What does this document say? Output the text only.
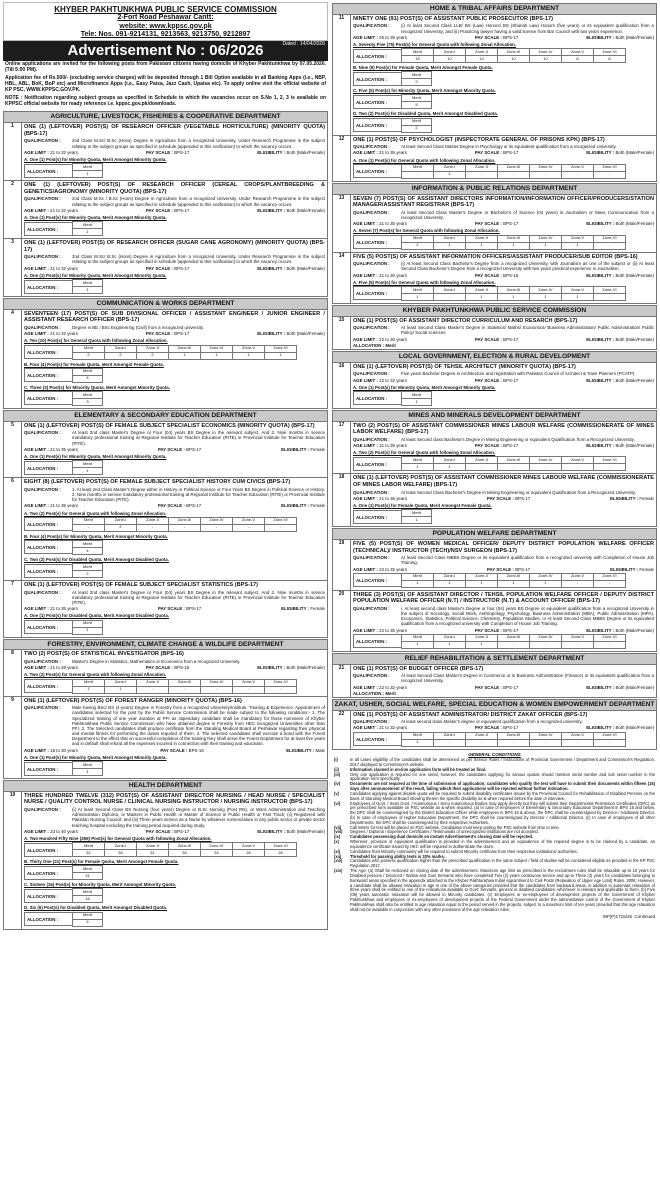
KHYBER PAKHTUNKHWA PUBLIC SERVICE COMMISSION
2-Fort Road Peshawar Cantt:
website: www.kppsc.gov.pk
Tele: Nos. 091-9214131, 9213563, 9213750, 9212897
Advertisement No : 06/2026	Dated : 14/04/2026

Online applications are invited for the following posts from Pakistani citizens having domicile of Khyber Pakhtunkhwa by 07.05.2026. (Till 5:00 PM).

Application fee of Rs.500/- (excluding service charges) will be deposited through 1 Bill Option available in all Banking Apps (i.e., NBP, HBL, ABL, BoK, BoP etc) and Microfinance Apps (i.e., Easy Paisa, Jazz Cash, Upaisa etc). To apply online visit the official website of KP PSC, WWW.KPPSC.GOV.PK.

NOTE : Notification regarding subject groups as specified in Schedule to which the vacancies occur on S.No 1, 2, 3 is available on KPPSC official website for ready reference i.e. kppsc.gov.pk/downloads.

AGRICULTURE, LIVESTOCK, FISHERIES & COOPERATIVE DEPARTMENT
1	ONE (1) (LEFTOVER) POST(S) OF RESEARCH OFFICER (VEGETABLE HORTICULTURE) (MINORITY QUOTA) (BPS-17)
QUALIFICATION :	2nd Class M.Sc/ B.Sc (Hons) Degree in Agriculture from a recognized University, Under Research Programme in the subject relating to the subject groups as specified in schedule (appended to this notification) to which the vacancy occurs.
AGE LIMIT : 21 to 32 years	PAY SCALE : BPS-17	ELIGIBILITY : Both (Male/Female)
A. One (1) Post(s) for Minority Quota, Merit Amongst Minority Quota.
ALLOCATION :
Merit
1
2	ONE (1) (LEFTOVER) POST(S) OF RESEARCH OFFICER (CEREAL CROPS/PLANTBREEDING & GENETICS/AGRONOMY (MINORITY QUOTA) (BPS-17)
QUALIFICATION :	2nd Class M.Sc / B.Sc (Hons) Degree in Agriculture from a recognized University, Under Research Programme in the subject relating to the subject groups as specified in schedule (appended to this notification) to which the vacancy occurs.
AGE LIMIT : 21 to 32 years	PAY SCALE : BPS-17	ELIGIBILITY : Both (Male/Female)
A. One (1) Post(s) for Minority Quota, Merit Amongst Minority Quota.
ALLOCATION :
Merit
1
3	ONE (1) (LEFTOVER) POST(S) OF RESEARCH OFFICER (SUGAR CANE AGRONOMY) (MINORITY QUOTA) (BPS-17)
QUALIFICATION :	2nd Class M.Sc/ B.Sc (Hons) Degree in Agriculture from a recognized University, Under Research Programme in the subject relating to the subject groups as specified in schedule (appended to this notification) to which the vacancy occurs.
AGE LIMIT : 21 to 32 years	PAY SCALE : BPS-17	ELIGIBILITY : Both (Male/Female)
A. One (1) Post(s) for Minority Quota, Merit Amongst Minority Quota.
ALLOCATION :
Merit
1
COMMUNICATION & WORKS DEPARTMENT
4	SEVENTEEN (17) POST(S) OF SUB DIVISIONAL OFFICER / ASSISTANT ENGINEER / JUNIOR ENGINEER / ASSISTANT RESEARCH OFFICER (BPS-17)
QUALIFICATION :	Degree in BE / BSc Engineering (Civil) from a recognized university.
AGE LIMIT : 21 to 32 years	PAY SCALE : BPS-17	ELIGIBILITY : Both (Male/Female)
A. Ten (10) Post(s) for General Quota with following Zonal Allocation.
ALLOCATION :
Merit	Zone-I	Zone-II	Zone-III	Zone-IV	Zone-V	Zone-VI
2	2	2	1	1	1	1
B. Four (4) Post(s) for Female Quota, Merit Amongst Female Quota.
ALLOCATION :
Merit
4
C. Three (3) Post(s) for Minority Quota, Merit Amongst Minority Quota.
ALLOCATION :
Merit
3
ELEMENTARY & SECONDARY EDUCATION DEPARTMENT
5	ONE (1) (LEFTOVER) POST(S) OF FEMALE SUBJECT SPECIALIST ECONOMICS (MINORITY QUOTA) (BPS-17)
QUALIFICATION :	At least 2nd class Master's Degree or Four (04) years BS Degree in the relevant subject. And 2. Nine months in service mandatory professional training at Regional Institute for Teacher Education (RITE) or Provincial Institute for Teacher Education (PITE).
AGE LIMIT : 21 to 35 years	PAY SCALE : BPS-17	ELIGIBILITY : Female
A. One (1) Post(s) for Minority Quota, Merit Amongst Minority Quota.
ALLOCATION :
Merit
1
6	EIGHT (8) (LEFTOVER) POST(S) OF FEMALE SUBJECT SPECIALIST HISTORY CUM CIVICS (BPS-17)
QUALIFICATION :	1. At least 2nd Class Master's Degree either in History or Political Science or Four Years BS Degree in Political Science or History. 2. Nine months in service mandatory professional training at Regional Institute for Teacher Education (RITE) or Provincial Institute for Teacher Education (PITE).
AGE LIMIT : 21 to 35 years	PAY SCALE : BPS-17	ELIGIBILITY : Female
A. Two (2) Post(s) for General Quota with following Zonal Allocation.
ALLOCATION :
Merit	Zone-I	Zone-II	Zone-III	Zone-IV	Zone-V	Zone-VI
-	2	-	-	-	-	-
B. Four (4) Post(s) for Minority Quota, Merit Amongst Minority Quota.
ALLOCATION :
Merit
4
C. Two (2) Post(s) for Disabled Quota, Merit Amongst Disabled Quota.
ALLOCATION :
Merit
2
7	ONE (1) (LEFTOVER) POST(S) OF FEMALE SUBJECT SPECIALIST STATISTICS (BPS-17)
QUALIFICATION :	At least 2nd class Master's Degree or Four (04) years BS Degree in the relevant subject. And 2. Nine months in service mandatory professional training at Regional Institute for Teacher Education (RITE) or Provincial Institute for Teacher Education (PITE).
AGE LIMIT : 21 to 35 years	PAY SCALE : BPS-17	ELIGIBILITY : Female
A. One (1) Post(s) for Disabled Quota, Merit Amongst Disabled Quota.
ALLOCATION :
Merit
1
FORESTRY, ENVIRONMENT, CLIMATE CHANGE & WILDLIFE DEPARTMENT
8	TWO (2) POST(S) OF STATISTICAL INVESTIGATOR (BPS-16)
QUALIFICATION :	Master's Degree in Statistics, Mathematics or Economics from a recognized University.
AGE LIMIT : 21 to 28 years	PAY SCALE : BPS-16	ELIGIBILITY : Both (Male/Female)
A. Two (2) Post(s) for General Quota with following Zonal Allocation.
ALLOCATION :
Merit	Zone-I	Zone-II	Zone-III	Zone-IV	Zone-V	Zone-VI
1	1	-	-	-	-	-
9	ONE (1) (LEFTOVER) POST(S) OF FOREST RANGER (MINORITY QUOTA) (BPS-16)
QUALIFICATION :	Male having BSc/ BS (4-years) Degree in Forestry from a recognized University/Institute. Training & Experience: Appointment of candidates selected for the post by the Public Service Commission shall be made subject to the following conditions:- 1. The Specialized training of one year duration at PFI as stipendiary candidate shall be mandatory for those nominees of Khyber Pakhtunkhwa Public Service Commission who have obtained degree in Forestry from HEC recognized Universities other than PFI. 2. The Selected candidates shall produce certificate from the Standing Medical Board at Peshawar regarding their physical and mental fitness for performing the duties required of them. 3. The selected candidates shall execute a bond with the Forest Department to the effect that on successful completion of the training they shall serve the Forest Department for at least five years and in default shall refund all the expenses incurred in connection with their training and education.
AGE LIMIT : 18 to 30 years	PAY SCALE : BPS-16	ELIGIBILITY : Male
A. One (1) Post(s) for Minority Quota, Merit Amongst Minority Quota.
ALLOCATION :
Merit
1
HEALTH DEPARTMENT
10	THREE HUNDRED TWELVE (312) POST(S) OF ASSISTANT DIRECTOR NURSING / HEAD NURSE / SPECIALIST NURSE / QUALITY CONTROL NURSE / CLINICAL NURSING INSTRUCTOR / NURSING INSTRUCTOR (BPS-17)
QUALIFICATION :	(i) At least Second Class BS Nursing (four years) Degree or B.Sc Nursing (Post RN), or Ward Administration and Teaching Administration Diploma, or Masters in Public Health or Master of Science in Public Health or Fast Track; (ii) Registered with Pakistan Nursing Council; and (iii) Three years service as a Nurse by whatever nomenclature in any public sector or private sector teaching hospital excluding the training period acquired during study.
AGE LIMIT : 23 to 40 years	PAY SCALE : BPS-17	ELIGIBILITY : Both (Male/Female)
A. Two Hundred Fifty Nine (259) Post(s) for General Quota with following Zonal Allocation.
ALLOCATION :
Merit	Zone-I	Zone-II	Zone-III	Zone-IV	Zone-V	Zone-VI
52	35	51	35	34	26	26
B. Thirty One (31) Post(s) for Female Quota, Merit Amongst Female Quota.
ALLOCATION :
Merit
31
C. Sixteen (16) Post(s) for Minority Quota, Merit Amongst Minority Quota.
ALLOCATION :
Merit
16
D. Six (6) Post(s) for Disabled Quota, Merit Amongst Disabled Quota.
ALLOCATION :
Merit
6
HOME & TRIBAL AFFAIRS DEPARTMENT
11	NINETY ONE (91) POST(S) OF ASSISTANT PUBLIC PROSECUTOR (BPS-17)
QUALIFICATION :	(i) At least Second Class LLB/ BS (Law) Honors/ BS (Shariah Law) Honors (five years) or its equivalent qualification from a recognized University; and (ii) Practicing lawyer having a valid license from Bar Council with two years experience.
AGE LIMIT : 25 to 35 years	PAY SCALE : BPS-17	ELIGIBILITY : Both (Male/Female)
A. Seventy Five (75) Post(s) for General Quota with following Zonal Allocation.
ALLOCATION :
Merit	Zone-I	Zone-II	Zone-III	Zone-IV	Zone-V	Zone-VI
15	10	14	10	10	8	8
B. Nine (9) Post(s) for Female Quota, Merit Amongst Female Quota.
ALLOCATION :
Merit
9
C. Five (5) Post(s) for Minority Quota, Merit Amongst Minority Quota.
ALLOCATION :
Merit
5
D. Two (2) Post(s) for Disabled Quota, Merit Amongst Disabled Quota.
ALLOCATION :
Merit
2
12	ONE (1) POST(S) OF PSYCHOLOGIST (INSPECTORATE GENERAL OF PRISONS KPK) (BPS-17)
QUALIFICATION :	At least Second Class Master Degree in Psychology or its equivalent qualification from a recognized University.
AGE LIMIT : 21 to 35 years	PAY SCALE : BPS-17	ELIGIBILITY : Both (Male/Female)
A. One (1) Post(s) for General Quota with following Zonal Allocation.
ALLOCATION :
Merit	Zone-I	Zone-II	Zone-III	Zone-IV	Zone-V	Zone-VI
-	1	-	-	-	-	-
INFORMATION & PUBLIC RELATIONS DEPARTMENT
13	SEVEN (7) POST(S) OF ASSISTANT DIRECTORS INFORMATION/INFORMATION OFFICER/PRODUCERS/STATION MANAGER/ASSISTANT REGISTRAR (BPS-17)
QUALIFICATION :	At least Second Class Master's Degree or Bachelor's of Science (04 years) in Journalism or Mass Communication from a recognized University.
AGE LIMIT : 21 to 35 years	PAY SCALE : BPS-17	ELIGIBILITY : Both (Male/Female)
A. Seven (7) Post(s) for General Quota with following Zonal Allocation.
ALLOCATION :
Merit	Zone-I	Zone-II	Zone-III	Zone-IV	Zone-V	Zone-VI
2	1	1	1	1	1	-
14	FIVE (5) POST(S) OF ASSISTANT INFORMATION OFFICERS/ASSISTANT PRODUCER/SUB EDITOR (BPS-16)
QUALIFICATION :	(i) At least Second Class Bachelor's Degree from a recognized University, with Journalism as one of the subject or (ii) At least Second Class Bachelor's Degree from a recognized University with two years practical experience in Journalism.
AGE LIMIT : 21 to 30 years	PAY SCALE : BPS-16	ELIGIBILITY : Both (Male/Female)
A. Five (5) Post(s) for General Quota with following Zonal Allocation.
ALLOCATION :
Merit	Zone-I	Zone-II	Zone-III	Zone-IV	Zone-V	Zone-VI
1	-	1	1	1	1	-
KHYBER PAKHTUNKHWA PUBLIC SERVICE COMMISSION
15	ONE (1) POST(S) OF ASSISTANT DIRECTOR CURRICULUM AND RESARCH (BPS-17)
QUALIFICATION :	At least Second Class Master's Degree in Statistics/ Maths/ Economics/ Business Administration/ Public Administration/ Public Policy/ Social sciences
AGE LIMIT : 22 to 30 years	PAY SCALE : BPS-17	ELIGIBILITY : Both (Male/Female)
ALLOCATION : Merit
LOCAL GOVERNMENT, ELECTION & RURAL DEVELOPMENT
16	ONE (1) (LEFTOVER) POST(S) OF TEHSIL ARCHITECT (MINORITY QUOTA) (BPS-17)
QUALIFICATION :	Five years Bachelor Degree in Architecture and registration with Pakistan Council of Architect & Town Planners (PCATP).
AGE LIMIT : 22 to 32 years	PAY SCALE : BPS-17	ELIGIBILITY : Both (Male/Female)
A. One (1) Post(s) for Minority Quota, Merit Amongst Minority Quota.
ALLOCATION :
Merit
1
MINES AND MINERALS DEVELOPMENT DEPARTMENT
17	TWO (2) POST(S) OF ASSISTANT COMMISSIONER MINES LABOUR WELFARE (COMMISSIONERATE OF MINES LABOR WELFARE) (BPS-17)
QUALIFICATION :	At least Second class Bachelor's Degree in Mining Engineering or equivalent Qualification from a Recognized University.
AGE LIMIT : 21 to 35 years	PAY SCALE : BPS-17	ELIGIBILITY : Both (Male/Female)
A. Two (2) Post(s) for General Quota with following Zonal Allocation.
ALLOCATION :
Merit	Zone-I	Zone-II	Zone-III	Zone-IV	Zone-V	Zone-VI
1	1	-	-	-	-	-
18	ONE (1) (LEFTOVER) POST(S) OF ASSISTANT COMMISSIONER MINES LABOUR WELFARE (COMMISSIONERATE OF MINES LABOR WELFARE) (BPS-17)
QUALIFICATION :	At least Second Class Bachelor's Degree in Mining Engineering or equivalent Qualification from a Recognized University.
AGE LIMIT : 21 to 35 years	PAY SCALE : BPS-17	ELIGIBILITY : Female
A. One (1) Post(s) for Female Quota, Merit Amongst Female Quota.
ALLOCATION :
Merit
1
POPULATION WELFARE DEPARTMENT
19	FIVE (5) POST(S) OF WOMEN MEDICAL OFFICER/ DEPUTY DISTRICT POPULATION WELFARE OFFICER (TECHNICAL)/ INSTRUCTOR (TECH)/NSV SURGEON (BPS-17)
QUALIFICATION :	At least Second Class MBBS Degree or its equivalent qualification from a recognized university with Completion of House Job Training.
AGE LIMIT : 22 to 35 years	PAY SCALE : BPS-17	ELIGIBILITY : Female
ALLOCATION :
Merit	Zone-I	Zone-II	Zone-III	Zone-IV	Zone-V	Zone-VI
1	1	1	1	1	-	-
20	THREE (3) POST(S) OF ASSISTANT DIRECTOR / TEHSIL POPULATION WELFARE OFFICER / DEPUTY DISTRICT POPULATION WELFARE OFFICER (N.T) / INSTRUCTOR (N.T) & ACCOUNT OFFICER (BPS-17)
QUALIFICATION :	i. At least second class Master's Degree or four (04) years BS Degree or equivalent qualification from a recognized University in the subject of Sociology, Social Work, Anthropology, Psychology, Business Administration (MBA), Public Administration (MPA), Economics, Statistics, Political Science, Chemistry, Population Studies; or At least Second Class MBBS Degree or its equivalent qualification from a recognized university with Completion of House Job Training.
AGE LIMIT : 22 to 35 years	PAY SCALE : BPS-17	ELIGIBILITY : Both (Male/Female)
ALLOCATION :
Merit	Zone-I	Zone-II	Zone-III	Zone-IV	Zone-V	Zone-VI
1	1	1	-	-	-	-
RELIEF REHABILITATION & SETTLEMENT DEPARTMENT
21	ONE (1) POST(S) OF BUDGET OFFICER (BPS-17)
QUALIFICATION :	At least Second Class Master's Degree in Commerce or in Business Administration (Finance) or its equivalent qualification from a recognized University.
AGE LIMIT : 22 to 32 years	PAY SCALE : BPS-17	ELIGIBILITY : Both (Male/Female)
ALLOCATION : Merit
ZAKAT, USHER, SOCIAL WELFARE, SPECIAL EDUCATION & WOMEN EMPOWERMENT DEPARTMENT
22	ONE (1) POST(S) OF ASSISTANT ADMINISTRATOR/ DISTRICT ZAKAT OFFICER (BPS-17)
QUALIFICATION :	At least second class Master's degree or equivalent qualification from a recognized university.
AGE LIMIT : 21 to 32 years	PAY SCALE : BPS-17	ELIGIBILITY : Both (Male/Female)
ALLOCATION :
Merit	Zone-I	Zone-II	Zone-III	Zone-IV	Zone-V	Zone-VI
1	-	-	-	-	-	-
GENERAL CONDITIONS
(i)	In all cases eligibility of the candidates shall be determined as per Service Rules / Instructions of Provincial Government / Department and Commission's Regulation, 2017 displayed at Commission's website.
(ii)	Information claimed in on-line application form will be treated as final.
(iii)	Only one application is required for one serial, however, the candidates applying for various quotas should mention serial number and sub serial number in the application form specifically.
(iv)	Documents are not required at the time of submission of application; candidates who qualify the test will have to submit their documents within fifteen (15) days after announcement of the result, failing which their applications will be rejected without further intimation.
(v)	Candidates applying against disable quota will be required to submit disability certificates issued by the Provincial Council for Rehabilitation of Disabled Persons on the basis of Standing Medical Board showing therein the specific disability as & when required before the date of interview.
(vi)	Employees of Govt. / Semi Govt. / Autonomous / Semi Autonomous Bodies may apply directly but they will submit their Departmental Permission Certificates (DPC) as per prescribed form available on PSC website as & when required. (a) In case of employees of Elementary & Secondary Education Department in BPS 15 and below, the DPC shall be countersigned by the District Education Officer while employees in BPS 16 & above, the DPC shall be countersigned by Director / Additional Director. (b) In case of employees of Higher Education Department, the DPC shall be countersigned by Director / Additional Director. (c) In case of employees of all other Departments, the DPC shall be countersigned by their respective Authorities.
(vii)	Call letters for test will be placed on PSC website. Candidates must keep visiting the PSC website from time to time.
(viii)	Degrees / Diploma / Experience Certificates / Testimonials of unrecognized institutions are not accepted.
(ix)	Candidates possessing dual domicile on instant Advertisement's closing date will be rejected.
(x)	Wherever, provision of equivalent qualification is provided in the advertisement and an equivalence of the required degree is to be claimed by a candidate, an equivalence certificate issued by HEC will be required to authenticate the claim.
(xi)	Candidates from Minority community will be required to submit Minority certificate from their respective institutions/ authorities.
(xii)	Threshold for passing ability tests is 33% marks.
(xiii)	Candidates who possess qualification higher than the prescribed qualification in the same subject / field of studies will be considered eligible as provided in the KP PSC Regulation 2017.
(xiv)	The Age: (a) Shall be reckoned on closing date of the advertisement. Maximum age limit as prescribed in the recruitment rules shall be relaxable up-to 10 years for Disabled persons / Divorced / Widow and Govt Servants who have completed Two (2) years continuous service and up-to Three (3) years for candidates belonging to backward areas specified in the appendix attached to the Khyber Pakhtunkhwa Initial Appointment to Civil Posts (Relaxation of Upper Age Limit) Rules, 2008. However, a candidate shall be allowed relaxation in age in one of the above categories provided that the candidates from backward areas, in addition to automatic relaxation of three years shall be entitled to one of the relaxations available to Govt: Servants, general or disabled candidates, whichever is relevant and applicable to them. (b) Five (05) years automatic relaxation will be allowed to Minority candidates. (c) Employees or ex-employees of development projects of the Government of Khyber Pakhtunkhwa and employees or ex-employees of development projects of the Federal Government under the administrative control of the Government of Khyber Pakhtunkhwa shall also be entitled to age relaxation equal to the period served in the projects, subject to a maximum limit of ten years provided that this age relaxation shall not be available in conjunction with any other provisions of the age relaxation rules.
INF(P)1715/26 Continued
